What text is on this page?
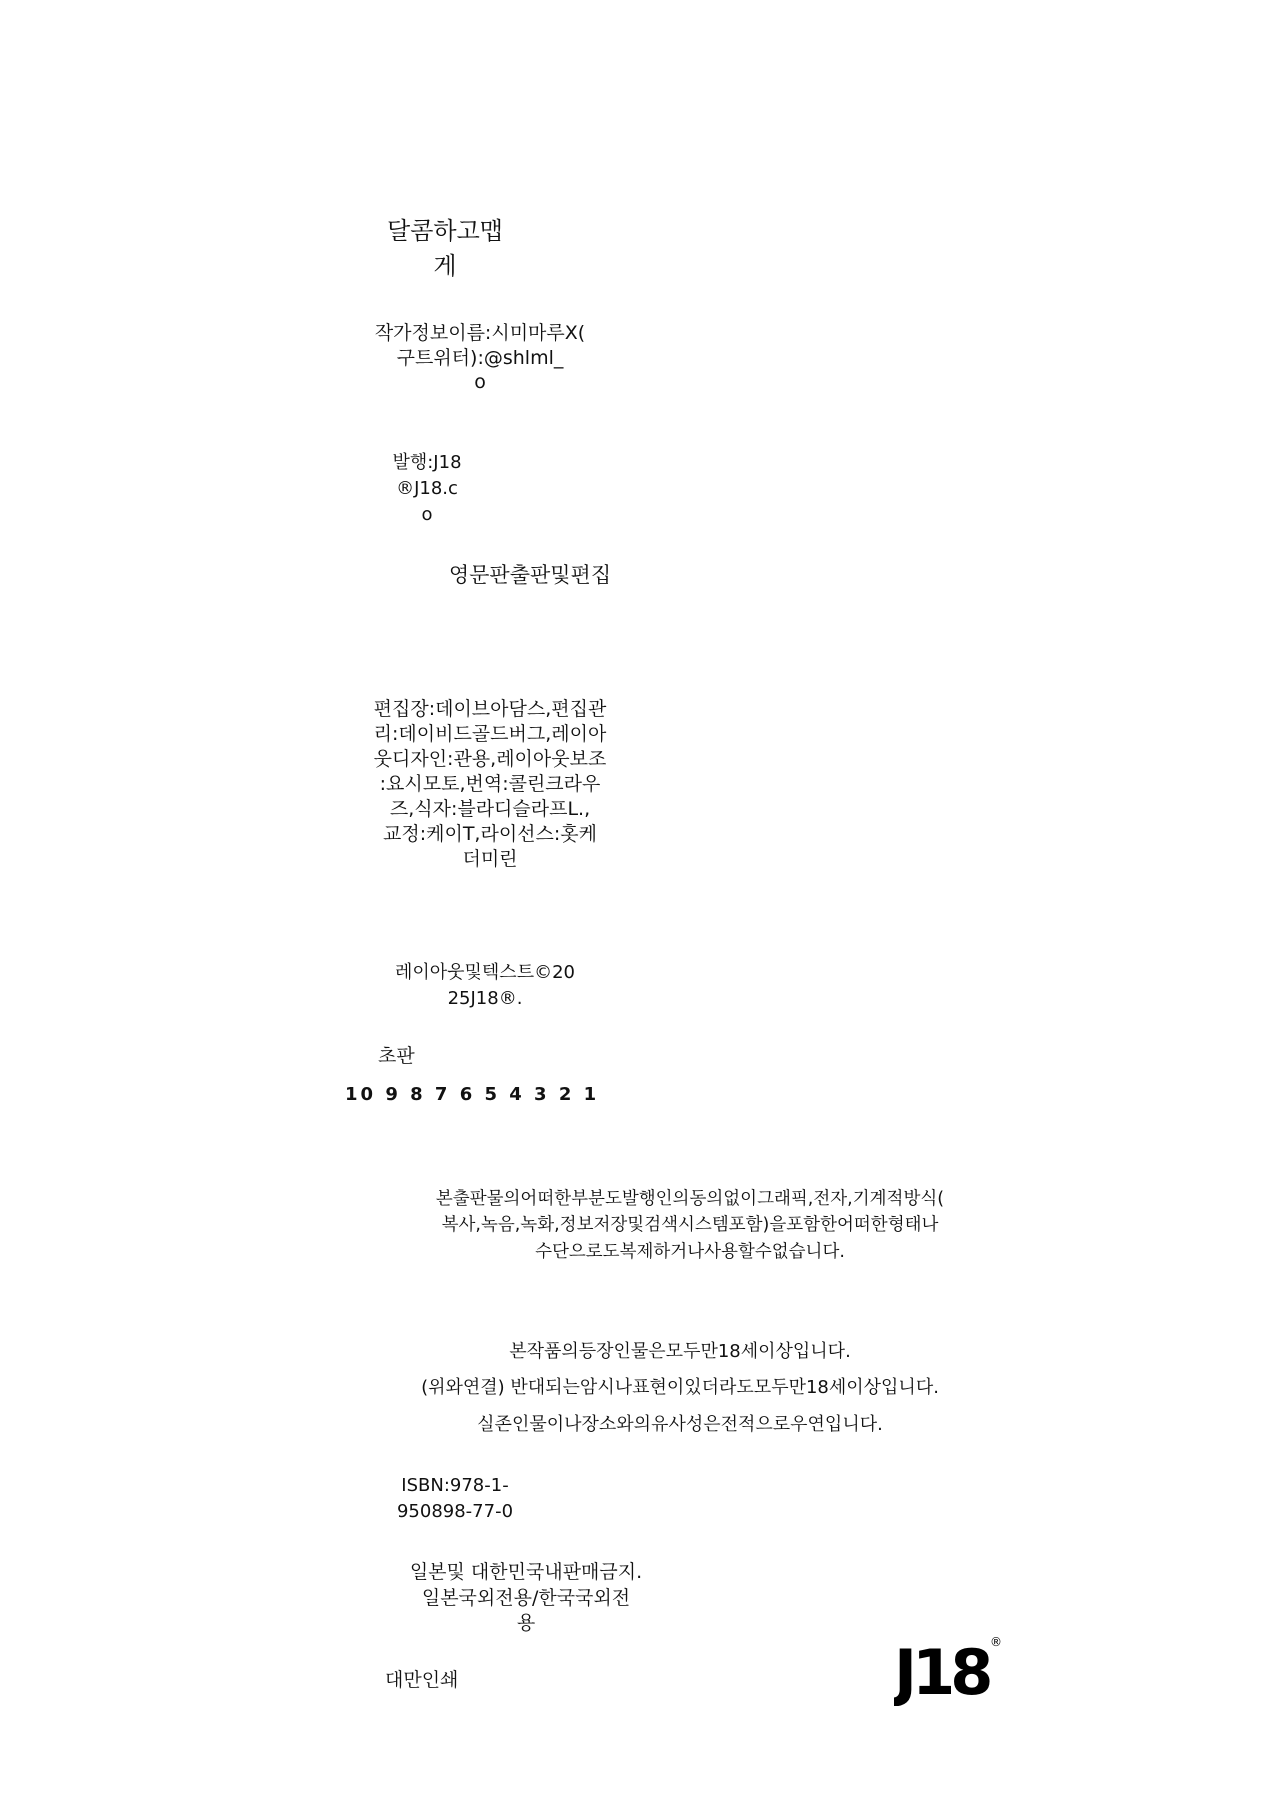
달콤하고맵
게
작가정보이름:시미마루X(
구트위터):@shlml_
o
발행:J18
®J18.c
o
영문판출판및편집
편집장:데이브아담스,편집관
리:데이비드골드버그,레이아
웃디자인:관용,레이아웃보조
:요시모토,번역:콜린크라우
즈,식자:블라디슬라프L.,
교정:케이T,라이선스:홋케
더미린
레이아웃및텍스트©20
25J18®.
초판
10 9 8 7 6 5 4 3 2 1
본출판물의어떠한부분도발행인의동의없이그래픽,전자,기계적방식(
복사,녹음,녹화,정보저장및검색시스템포함)을포함한어떠한형태나
수단으로도복제하거나사용할수없습니다.
본작품의등장인물은모두만18세이상입니다.
(위와연결) 반대되는암시나표현이있더라도모두만18세이상입니다.
실존인물이나장소와의유사성은전적으로우연입니다.
ISBN:978-1-
950898-77-0
일본및 대한민국내판매금지.
일본국외전용/한국국외전
용
대만인쇄	J18 ®
